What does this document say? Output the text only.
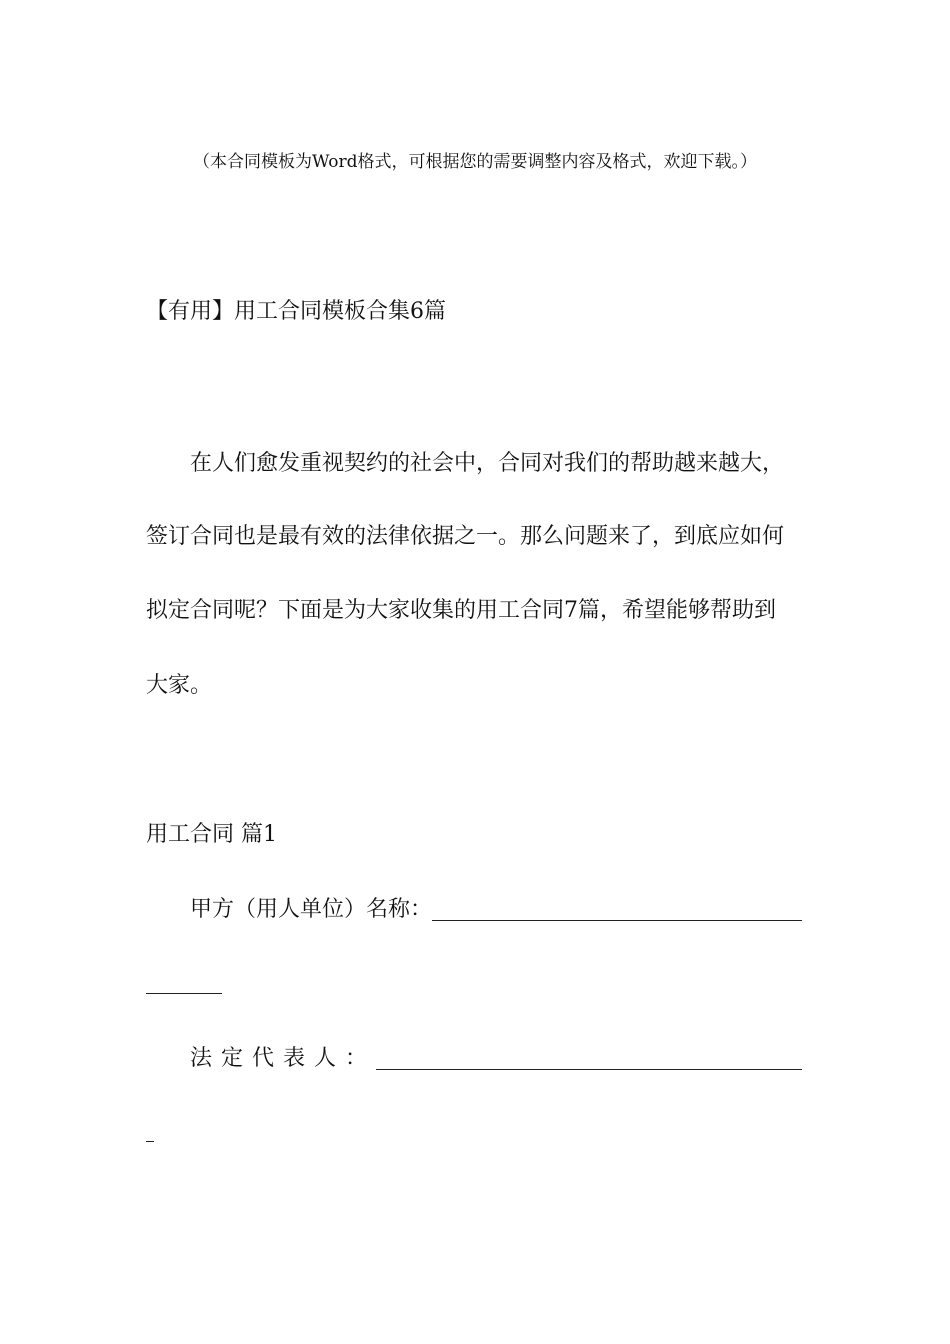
（本合同模板为Word格式，可根据您的需要调整内容及格式，欢迎下载。）
【有用】用工合同模板合集6篇
在人们愈发重视契约的社会中，合同对我们的帮助越来越大，
签订合同也是最有效的法律依据之一。那么问题来了，到底应如何
拟定合同呢？下面是为大家收集的用工合同7篇，希望能够帮助到
大家。
用工合同 篇1
甲方（用人单位）名称：
法定代表人：
